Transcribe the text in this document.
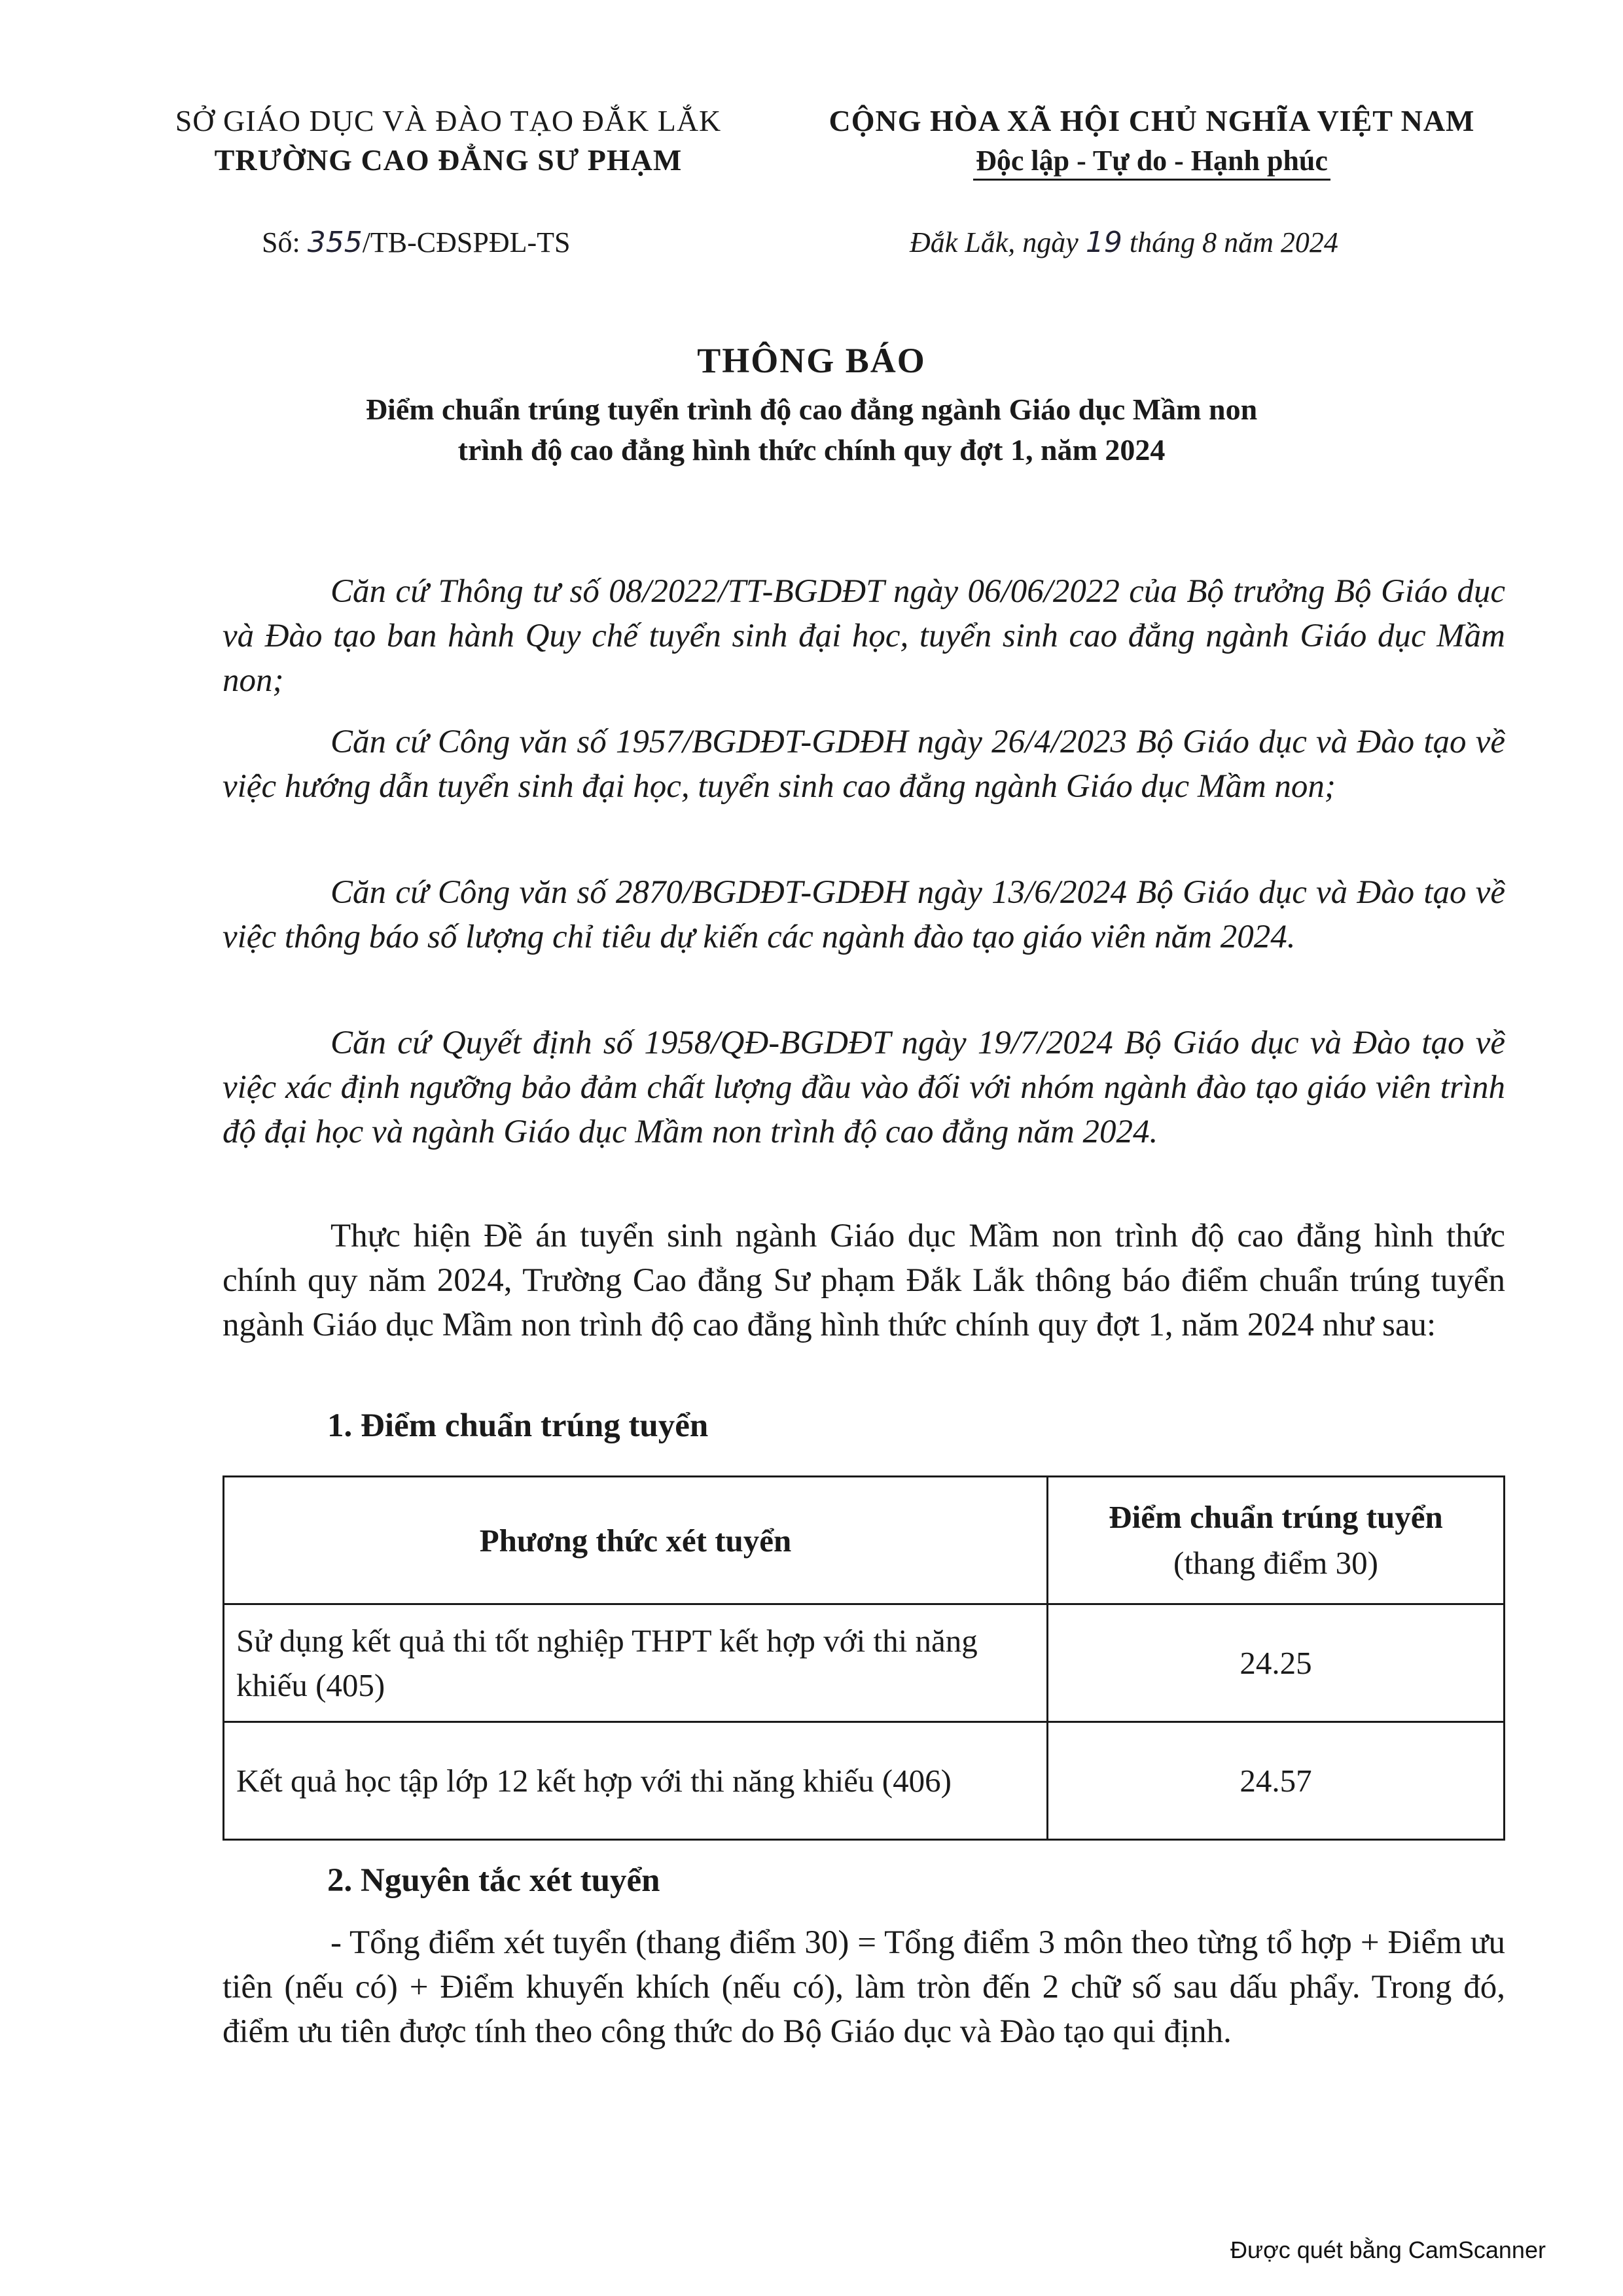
SỞ GIÁO DỤC VÀ ĐÀO TẠO ĐẮK LẮK
TRƯỜNG CAO ĐẲNG SƯ PHẠM
CỘNG HÒA XÃ HỘI CHỦ NGHĨA VIỆT NAM
Độc lập - Tự do - Hạnh phúc
Số: 355/TB-CĐSPĐL-TS	Đắk Lắk, ngày 19 tháng 8 năm 2024
THÔNG BÁO
Điểm chuẩn trúng tuyển trình độ cao đẳng ngành Giáo dục Mầm non
trình độ cao đẳng hình thức chính quy đợt 1, năm 2024
Căn cứ Thông tư số 08/2022/TT-BGDĐT ngày 06/06/2022 của Bộ trưởng Bộ Giáo dục và Đào tạo ban hành Quy chế tuyển sinh đại học, tuyển sinh cao đẳng ngành Giáo dục Mầm non;
Căn cứ Công văn số 1957/BGDĐT-GDĐH ngày 26/4/2023 Bộ Giáo dục và Đào tạo về việc hướng dẫn tuyển sinh đại học, tuyển sinh cao đẳng ngành Giáo dục Mầm non;
Căn cứ Công văn số 2870/BGDĐT-GDĐH ngày 13/6/2024 Bộ Giáo dục và Đào tạo về việc thông báo số lượng chỉ tiêu dự kiến các ngành đào tạo giáo viên năm 2024.
Căn cứ Quyết định số 1958/QĐ-BGDĐT ngày 19/7/2024 Bộ Giáo dục và Đào tạo về việc xác định ngưỡng bảo đảm chất lượng đầu vào đối với nhóm ngành đào tạo giáo viên trình độ đại học và ngành Giáo dục Mầm non trình độ cao đẳng năm 2024.
Thực hiện Đề án tuyển sinh ngành Giáo dục Mầm non trình độ cao đẳng hình thức chính quy năm 2024, Trường Cao đẳng Sư phạm Đắk Lắk thông báo điểm chuẩn trúng tuyển ngành Giáo dục Mầm non trình độ cao đẳng hình thức chính quy đợt 1, năm 2024 như sau:
1. Điểm chuẩn trúng tuyển
Phương thức xét tuyển	Điểm chuẩn trúng tuyển
(thang điểm 30)

Sử dụng kết quả thi tốt nghiệp THPT kết hợp với thi năng khiếu (405)	24.25
Kết quả học tập lớp 12 kết hợp với thi năng khiếu (406)	24.57
2. Nguyên tắc xét tuyển
- Tổng điểm xét tuyển (thang điểm 30) = Tổng điểm 3 môn theo từng tổ hợp + Điểm ưu tiên (nếu có) + Điểm khuyến khích (nếu có), làm tròn đến 2 chữ số sau dấu phẩy. Trong đó, điểm ưu tiên được tính theo công thức do Bộ Giáo dục và Đào tạo qui định.
Được quét bằng CamScanner
